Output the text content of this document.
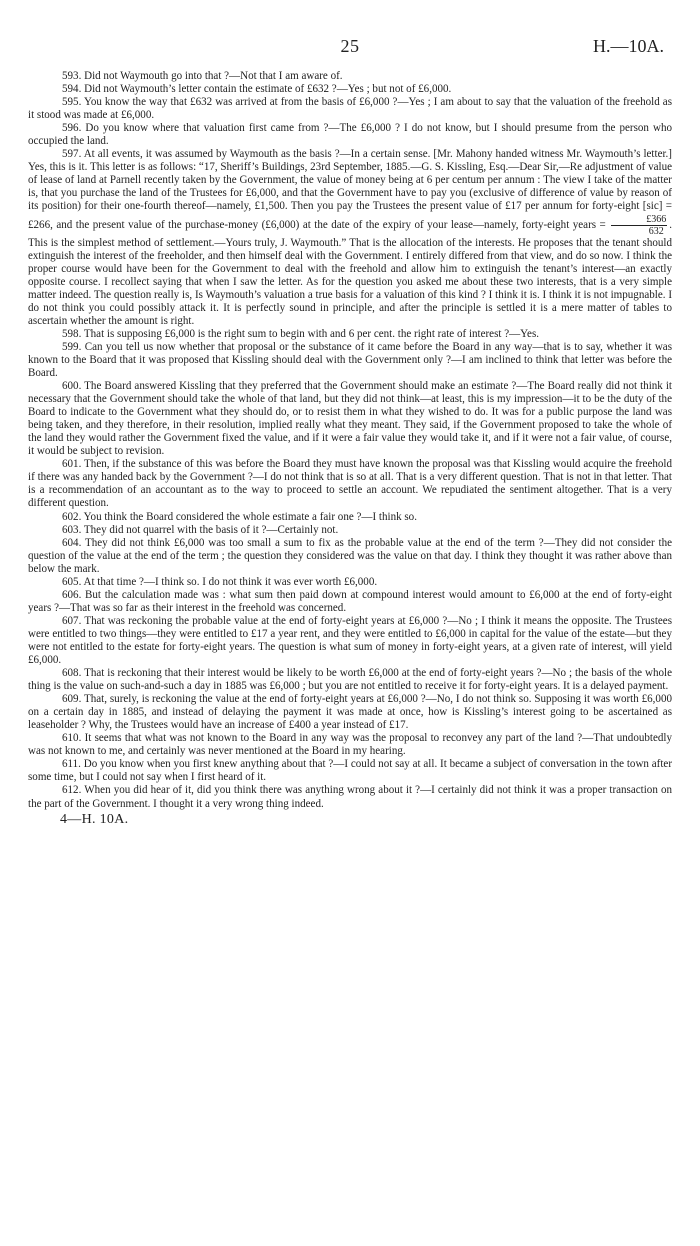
25	H.—10A.

593. Did not Waymouth go into that ?—Not that I am aware of.

594. Did not Waymouth’s letter contain the estimate of £632 ?—Yes ; but not of £6,000.

595. You know the way that £632 was arrived at from the basis of £6,000 ?—Yes ; I am about to say that the valuation of the freehold as it stood was made at £6,000.

596. Do you know where that valuation first came from ?—The £6,000 ? I do not know, but I should presume from the person who occupied the land.

597. At all events, it was assumed by Waymouth as the basis ?—In a certain sense. [Mr. Mahony handed witness Mr. Waymouth’s letter.] Yes, this is it. This letter is as follows: “17, Sheriff’s Buildings, 23rd September, 1885.—G. S. Kissling, Esq.—Dear Sir,—Re adjustment of value of lease of land at Parnell recently taken by the Government, the value of money being at 6 per centum per annum : The view I take of the matter is, that you purchase the land of the Trustees for £6,000, and that the Government have to pay you (exclusive of difference of value by reason of its position) for their one-fourth thereof—namely, £1,500. Then you pay the Trustees the present value of £17 per annum for forty-eight [sic] = £266, and the present value of the purchase-money (£6,000) at the date of the expiry of your lease—namely, forty-eight years = $\frac{£366}{632}$ . This is the simplest method of settlement.—Yours truly, J. Waymouth.” That is the allocation of the interests. He proposes that the tenant should extinguish the interest of the freeholder, and then himself deal with the Government. I entirely differed from that view, and do so now. I think the proper course would have been for the Government to deal with the freehold and allow him to extinguish the tenant’s interest—an exactly opposite course. I recollect saying that when I saw the letter. As for the question you asked me about these two interests, that is a very simple matter indeed. The question really is, Is Waymouth’s valuation a true basis for a valuation of this kind ? I think it is. I think it is not impugnable. I do not think you could possibly attack it. It is perfectly sound in principle, and after the principle is settled it is a mere matter of tables to ascertain whether the amount is right.

598. That is supposing £6,000 is the right sum to begin with and 6 per cent. the right rate of interest ?—Yes.

599. Can you tell us now whether that proposal or the substance of it came before the Board in any way—that is to say, whether it was known to the Board that it was proposed that Kissling should deal with the Government only ?—I am inclined to think that letter was before the Board.

600. The Board answered Kissling that they preferred that the Government should make an estimate ?—The Board really did not think it necessary that the Government should take the whole of that land, but they did not think—at least, this is my impression—it to be the duty of the Board to indicate to the Government what they should do, or to resist them in what they wished to do. It was for a public purpose the land was being taken, and they therefore, in their resolution, implied really what they meant. They said, if the Government proposed to take the whole of the land they would rather the Government fixed the value, and if it were a fair value they would take it, and if it were not a fair value, of course, it would be subject to revision.

601. Then, if the substance of this was before the Board they must have known the proposal was that Kissling would acquire the freehold if there was any handed back by the Government ?—I do not think that is so at all. That is a very different question. That is not in that letter. That is a recommendation of an accountant as to the way to proceed to settle an account. We repudiated the sentiment altogether. That is a very different question.

602. You think the Board considered the whole estimate a fair one ?—I think so.

603. They did not quarrel with the basis of it ?—Certainly not.

604. They did not think £6,000 was too small a sum to fix as the probable value at the end of the term ?—They did not consider the question of the value at the end of the term ; the question they considered was the value on that day. I think they thought it was rather above than below the mark.

605. At that time ?—I think so. I do not think it was ever worth £6,000.

606. But the calculation made was : what sum then paid down at compound interest would amount to £6,000 at the end of forty-eight years ?—That was so far as their interest in the freehold was concerned.

607. That was reckoning the probable value at the end of forty-eight years at £6,000 ?—No ; I think it means the opposite. The Trustees were entitled to two things—they were entitled to £17 a year rent, and they were entitled to £6,000 in capital for the value of the estate—but they were not entitled to the estate for forty-eight years. The question is what sum of money in forty-eight years, at a given rate of interest, will yield £6,000.

608. That is reckoning that their interest would be likely to be worth £6,000 at the end of forty-eight years ?—No ; the basis of the whole thing is the value on such-and-such a day in 1885 was £6,000 ; but you are not entitled to receive it for forty-eight years. It is a delayed payment.

609. That, surely, is reckoning the value at the end of forty-eight years at £6,000 ?—No, I do not think so. Supposing it was worth £6,000 on a certain day in 1885, and instead of delaying the payment it was made at once, how is Kissling’s interest going to be ascertained as leaseholder ? Why, the Trustees would have an increase of £400 a year instead of £17.

610. It seems that what was not known to the Board in any way was the proposal to reconvey any part of the land ?—That undoubtedly was not known to me, and certainly was never mentioned at the Board in my hearing.

611. Do you know when you first knew anything about that ?—I could not say at all. It became a subject of conversation in the town after some time, but I could not say when I first heard of it.

612. When you did hear of it, did you think there was anything wrong about it ?—I certainly did not think it was a proper transaction on the part of the Government. I thought it a very wrong thing indeed.

4—H. 10A.
